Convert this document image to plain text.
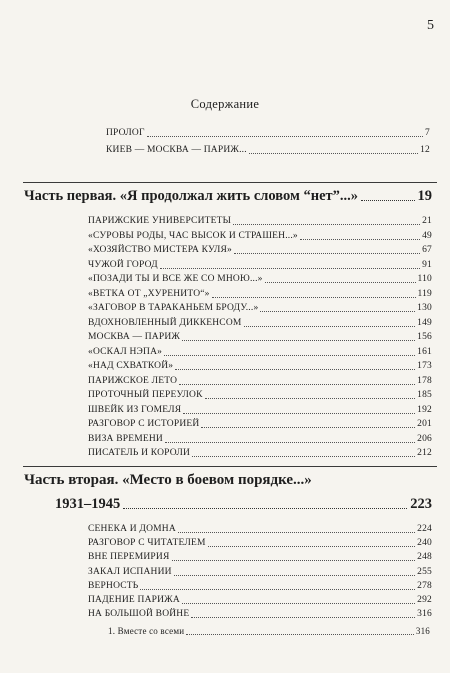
5
Содержание
ПРОЛОГ	7
КИЕВ — МОСКВА — ПАРИЖ...	12
Часть первая. «Я продолжал жить словом “нет”...»	19
ПАРИЖСКИЕ УНИВЕРСИТЕТЫ	21
«СУРОВЫ РОДЫ, ЧАС ВЫСОК И СТРАШЕН...»	49
«ХОЗЯЙСТВО МИСТЕРА КУЛЯ»	67
ЧУЖОЙ ГОРОД	91
«ПОЗАДИ ТЫ И ВСЕ ЖЕ СО МНОЮ...»	110
«ВЕТКА ОТ „ХУРЕНИТО“»	119
«ЗАГОВОР В ТАРАКАНЬЕМ БРОДУ...»	130
ВДОХНОВЛЕННЫЙ ДИККЕНСОМ	149
МОСКВА — ПАРИЖ	156
«ОСКАЛ НЭПА»	161
«НАД СХВАТКОЙ»	173
ПАРИЖСКОЕ ЛЕТО	178
ПРОТОЧНЫЙ ПЕРЕУЛОК	185
ШВЕЙК ИЗ ГОМЕЛЯ	192
РАЗГОВОР С ИСТОРИЕЙ	201
ВИЗА ВРЕМЕНИ	206
ПИСАТЕЛЬ И КОРОЛИ	212
Часть вторая. «Место в боевом порядке...»
1931–1945	223
СЕНЕКА И ДОМНА	224
РАЗГОВОР С ЧИТАТЕЛЕМ	240
ВНЕ ПЕРЕМИРИЯ	248
ЗАКАЛ ИСПАНИИ	255
ВЕРНОСТЬ	278
ПАДЕНИЕ ПАРИЖА	292
НА БОЛЬШОЙ ВОЙНЕ	316
1. Вместе со всеми	316
